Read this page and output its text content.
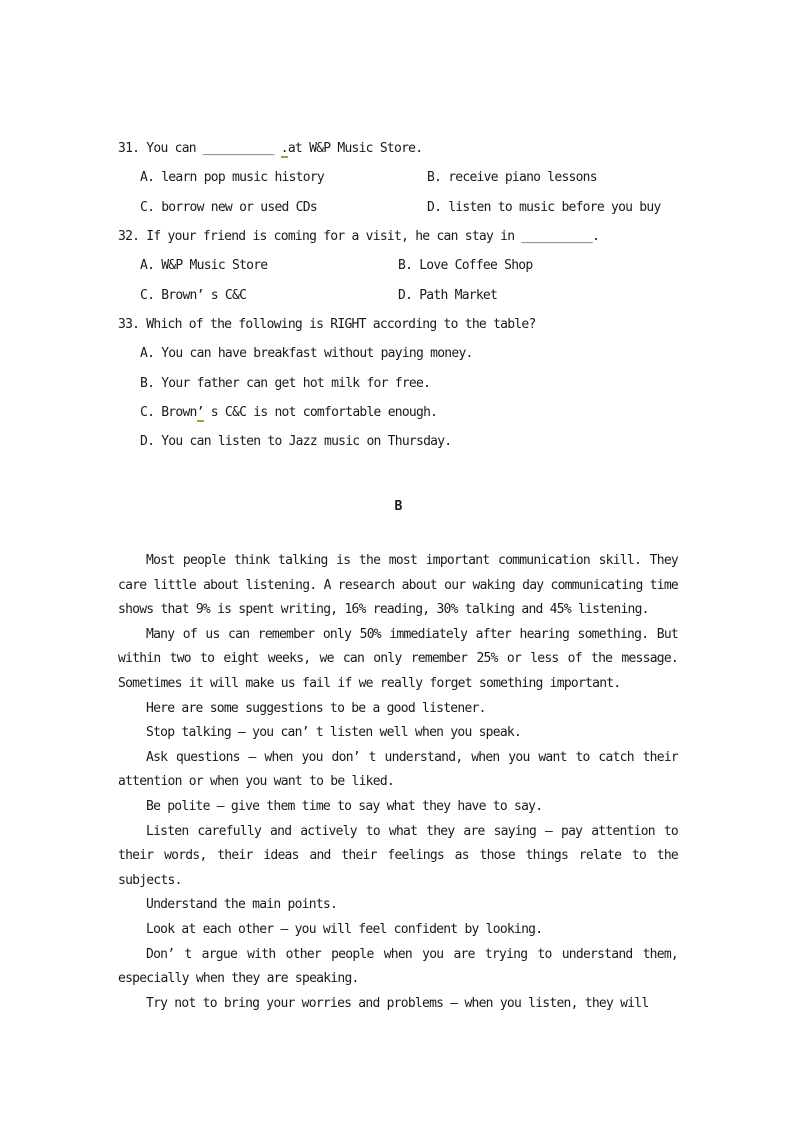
31. You can __________ .at W&P Music Store.
A. learn pop music history	B. receive piano lessons
C. borrow new or used CDs	D. listen to music before you buy
32. If your friend is coming for a visit, he can stay in __________.
A. W&P Music Store	B. Love Coffee Shop
C. Brown’ s C&C	D. Path Market
33. Which of the following is RIGHT according to the table?
A. You can have breakfast without paying money.
B. Your father can get hot milk for free.
C. Brown’ s C&C is not comfortable enough.
D. You can listen to Jazz music on Thursday.
B

Most people think talking is the most important communication skill. They care little about listening. A research about our waking day communicating time shows that 9% is spent writing, 16% reading, 30% talking and 45% listening.

Many of us can remember only 50% immediately after hearing something. But within two to eight weeks, we can only remember 25% or less of the message. Sometimes it will make us fail if we really forget something important.

Here are some suggestions to be a good listener.

Stop talking — you can’ t listen well when you speak.

Ask questions — when you don’ t understand, when you want to catch their attention or when you want to be liked.

Be polite — give them time to say what they have to say.

Listen carefully and actively to what they are saying — pay attention to their words, their ideas and their feelings as those things relate to the subjects.

Understand the main points.

Look at each other — you will feel confident by looking.

Don’ t argue with other people when you are trying to understand them, especially when they are speaking.

Try not to bring your worries and problems — when you listen, they will
